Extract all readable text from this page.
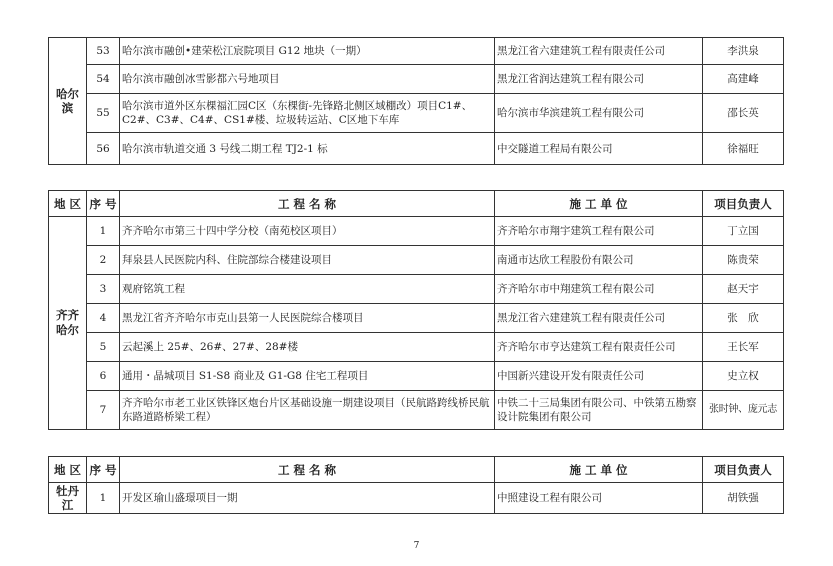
哈尔滨	53	哈尔滨市融创•建荣松江宸院项目 G12 地块（一期）	黑龙江省六建建筑工程有限责任公司	李洪泉
	54	哈尔滨市融创冰雪影都六号地项目	黑龙江省润达建筑工程有限公司	高建峰
	55	哈尔滨市道外区东棵福汇园C区（东棵街-先锋路北侧区域棚改）项目C1#、C2#、C3#、C4#、CS1#楼、垃圾转运站、C区地下车库	哈尔滨市华滨建筑工程有限公司	邵长英
	56	哈尔滨市轨道交通 3 号线二期工程 TJ2-1 标	中交隧道工程局有限公司	徐福旺
地 区	序 号	工 程 名 称	施 工 单 位	项目负责人
齐齐哈尔	1	齐齐哈尔市第三十四中学分校（南苑校区项目）	齐齐哈尔市翔宇建筑工程有限公司	丁立国
	2	拜泉县人民医院内科、住院部综合楼建设项目	南通市达欣工程股份有限公司	陈贵荣
	3	观府铭筑工程	齐齐哈尔市中翔建筑工程有限公司	赵天宇
	4	黑龙江省齐齐哈尔市克山县第一人民医院综合楼项目	黑龙江省六建建筑工程有限责任公司	张　欣
	5	云起溪上 25#、26#、27#、28#楼	齐齐哈尔市亨达建筑工程有限责任公司	王长军
	6	通用・晶城项目 S1-S8 商业及 G1-G8 住宅工程项目	中国新兴建设开发有限责任公司	史立权
	7	齐齐哈尔市老工业区铁锋区炮台片区基础设施一期建设项目（民航路跨线桥民航东路道路桥梁工程）	中铁二十三局集团有限公司、中铁第五勘察设计院集团有限公司	张时钟、庞元志
地 区	序 号	工 程 名 称	施 工 单 位	项目负责人
牡丹江	1	开发区瑜山盛璟项目一期	中照建设工程有限公司	胡铁强
7
